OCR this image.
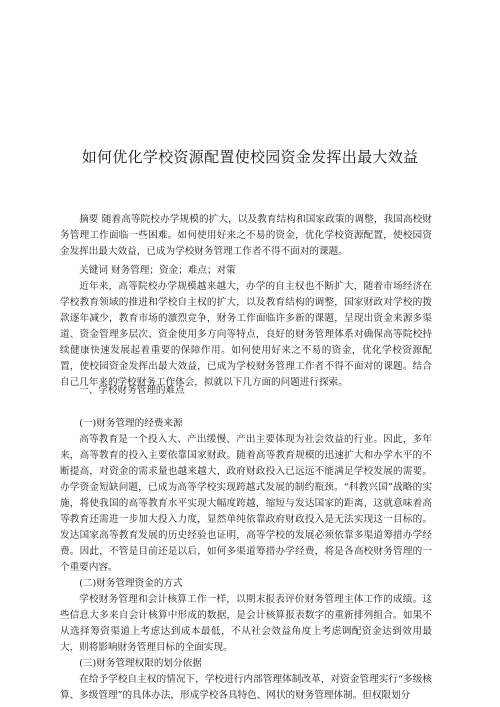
如何优化学校资源配置使校园资金发挥出最大效益
摘要 随着高等院校办学规模的扩大，以及教育结构和国家政策的调整，我国高校财务管理工作面临一些困难。如何使用好来之不易的资金，优化学校资源配置，使校园资金发挥出最大效益，已成为学校财务管理工作者不得不面对的课题。
关键词 财务管理；资金；难点；对策
近年来，高等院校办学规模越来越大，办学的自主权也不断扩大，随着市场经济在学校教育领域的推进和学校自主权的扩大，以及教育结构的调整，国家财政对学校的拨款逐年减少，教育市场的激烈竞争，财务工作面临许多新的课题，呈现出资金来源多渠道、资金管理多层次、资金使用多方向等特点，良好的财务管理体系对确保高等院校持续健康快速发展起着重要的保障作用。如何使用好来之不易的资金，优化学校资源配置，使校园资金发挥出最大效益，已成为学校财务管理工作者不得不面对的课题。结合自己几年来的学校财务工作体会，拟就以下几方面的问题进行探索。
一、学校财务管理的难点

(一)财务管理的经费来源

高等教育是一个投入大、产出缓慢、产出主要体现为社会效益的行业。因此，多年来，高等教育的投入主要依靠国家财政。随着高等教育规模的迅速扩大和办学水平的不断提高，对资金的需求量也越来越大，政府财政投入已远远不能满足学校发展的需要。办学资金短缺问题，已成为高等学校实现跨越式发展的制约瓶颈。“科教兴国”战略的实施，将使我国的高等教育水平实现大幅度跨越，缩短与发达国家的距离，这就意味着高等教育还需进一步加大投入力度，显然单纯依靠政府财政投入是无法实现这一目标的。发达国家高等教育发展的历史经验也证明，高等学校的发展必须依靠多渠道筹措办学经费。因此，不管是目前还是以后，如何多渠道筹措办学经费，将是各高校财务管理的一个重要内容。

(二)财务管理资金的方式

学校财务管理和会计核算工作一样，以期末报表评价财务管理主体工作的成绩。这些信息大多来自会计核算中形成的数据，是会计核算报表数字的重新排列组合。如果不从选择筹资渠道上考虑达到成本最低，不从社会效益角度上考虑调配资金达到效用最大，则将影响财务管理目标的全面实现。

(三)财务管理权限的划分依据

在给予学校自主权的情况下，学校进行内部管理体制改革，对资金管理实行“多级核算、多级管理”的具体办法，形成学校各具特色、网状的财务管理体制。但权限划分
